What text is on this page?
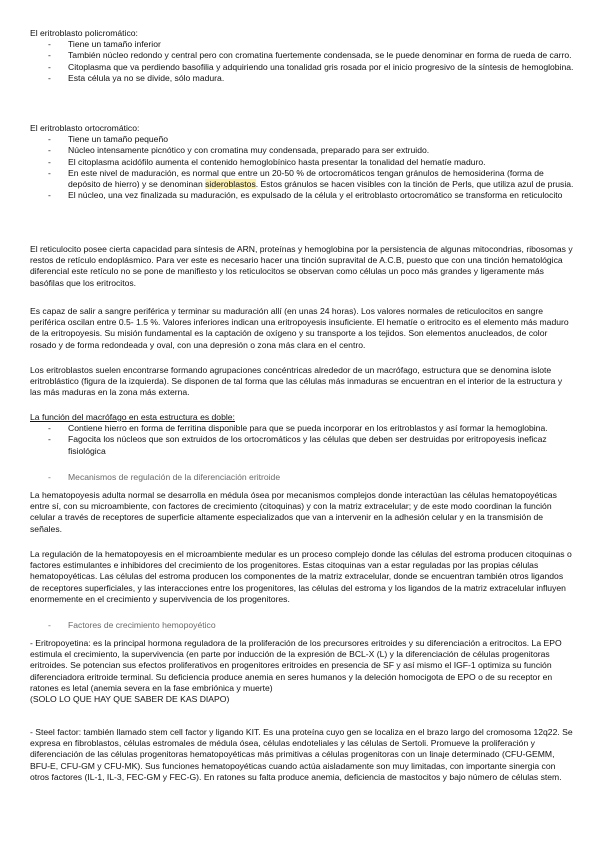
El eritroblasto policromático:

- Tiene un tamaño inferior
- También núcleo redondo y central pero con cromatina fuertemente condensada, se le puede denominar en forma de rueda de carro.
- Citoplasma que va perdiendo basofilia y adquiriendo una tonalidad gris rosada por el inicio progresivo de la síntesis de hemoglobina.
- Esta célula ya no se divide, sólo madura.

El eritroblasto ortocromático:

- Tiene un tamaño pequeño
- Núcleo intensamente picnótico y con cromatina muy condensada, preparado para ser extruido.
- El citoplasma acidófilo aumenta el contenido hemoglobínico hasta presentar la tonalidad del hematíe maduro.
- En este nivel de maduración, es normal que entre un 20-50 % de ortocromáticos tengan gránulos de hemosiderina (forma de depósito de hierro) y se denominan sideroblastos. Estos gránulos se hacen visibles con la tinción de Perls, que utiliza azul de prusia.
- El núcleo, una vez finalizada su maduración, es expulsado de la célula y el eritroblasto ortocromático se transforma en reticulocito

El reticulocito posee cierta capacidad para síntesis de ARN, proteínas y hemoglobina por la persistencia de algunas mitocondrias, ribosomas y restos de retículo endoplásmico. Para ver este es necesario hacer una tinción supravital de A.C.B, puesto que con una tinción hematológica diferencial este retículo no se pone de manifiesto y los reticulocitos se observan como células un poco más grandes y ligeramente más basófilas que los eritrocitos.

Es capaz de salir a sangre periférica y terminar su maduración allí (en unas 24 horas). Los valores normales de reticulocitos en sangre periférica oscilan entre 0.5- 1.5 %. Valores inferiores indican una eritropoyesis insuficiente. El hematíe o eritrocito es el elemento más maduro de la eritropoyesis. Su misión fundamental es la captación de oxígeno y su transporte a los tejidos. Son elementos anucleados, de color rosado y de forma redondeada y oval, con una depresión o zona más clara en el centro.

Los eritroblastos suelen encontrarse formando agrupaciones concéntricas alrededor de un macrófago, estructura que se denomina islote eritroblástico (figura de la izquierda). Se disponen de tal forma que las células más inmaduras se encuentran en el interior de la estructura y las más maduras en la zona más externa.

La función del macrófago en esta estructura es doble:

- Contiene hierro en forma de ferritina disponible para que se pueda incorporar en los eritroblastos y así formar la hemoglobina.
- Fagocita los núcleos que son extruidos de los ortocromáticos y las células que deben ser destruidas por eritropoyesis ineficaz fisiológica

- Mecanismos de regulación de la diferenciación eritroide

La hematopoyesis adulta normal se desarrolla en médula ósea por mecanismos complejos donde interactúan las células hematopoyéticas entre sí, con su microambiente, con factores de crecimiento (citoquinas) y con la matriz extracelular; y de este modo coordinan la función celular a través de receptores de superficie altamente especializados que van a intervenir en la adhesión celular y en la transmisión de señales.

La regulación de la hematopoyesis en el microambiente medular es un proceso complejo donde las células del estroma producen citoquinas o factores estimulantes e inhibidores del crecimiento de los progenitores. Estas citoquinas van a estar reguladas por las propias células hematopoyéticas. Las células del estroma producen los componentes de la matriz extracelular, donde se encuentran también otros ligandos de receptores superficiales, y las interacciones entre los progenitores, las células del estroma y los ligandos de la matriz extracelular influyen enormemente en el crecimiento y supervivencia de los progenitores.

- Factores de crecimiento hemopoyético

- Eritropoyetina: es la principal hormona reguladora de la proliferación de los precursores eritroides y su diferenciación a eritrocitos. La EPO estimula el crecimiento, la supervivencia (en parte por inducción de la expresión de BCL-X (L) y la diferenciación de células progenitoras eritroides. Se potencian sus efectos proliferativos en progenitores eritroides en presencia de SF y así mismo el IGF-1 optimiza su función diferenciadora eritroide terminal. Su deficiencia produce anemia en seres humanos y la deleción homocigota de EPO o de su receptor en ratones es letal (anemia severa en la fase embriónica y muerte)

(SOLO LO QUE HAY QUE SABER DE KAS DIAPO)

- Steel factor: también llamado stem cell factor y ligando KIT. Es una proteína cuyo gen se localiza en el brazo largo del cromosoma 12q22. Se expresa en fibroblastos, células estromales de médula ósea, células endoteliales y las células de Sertoli. Promueve la proliferación y diferenciación de las células progenitoras hematopoyéticas más primitivas a células progenitoras con un linaje determinado (CFU-GEMM, BFU-E, CFU-GM y CFU-MK). Sus funciones hematopoyéticas cuando actúa aisladamente son muy limitadas, con importante sinergia con otros factores (IL-1, IL-3, FEC-GM y FEC-G). En ratones su falta produce anemia, deficiencia de mastocitos y bajo número de células stem.
